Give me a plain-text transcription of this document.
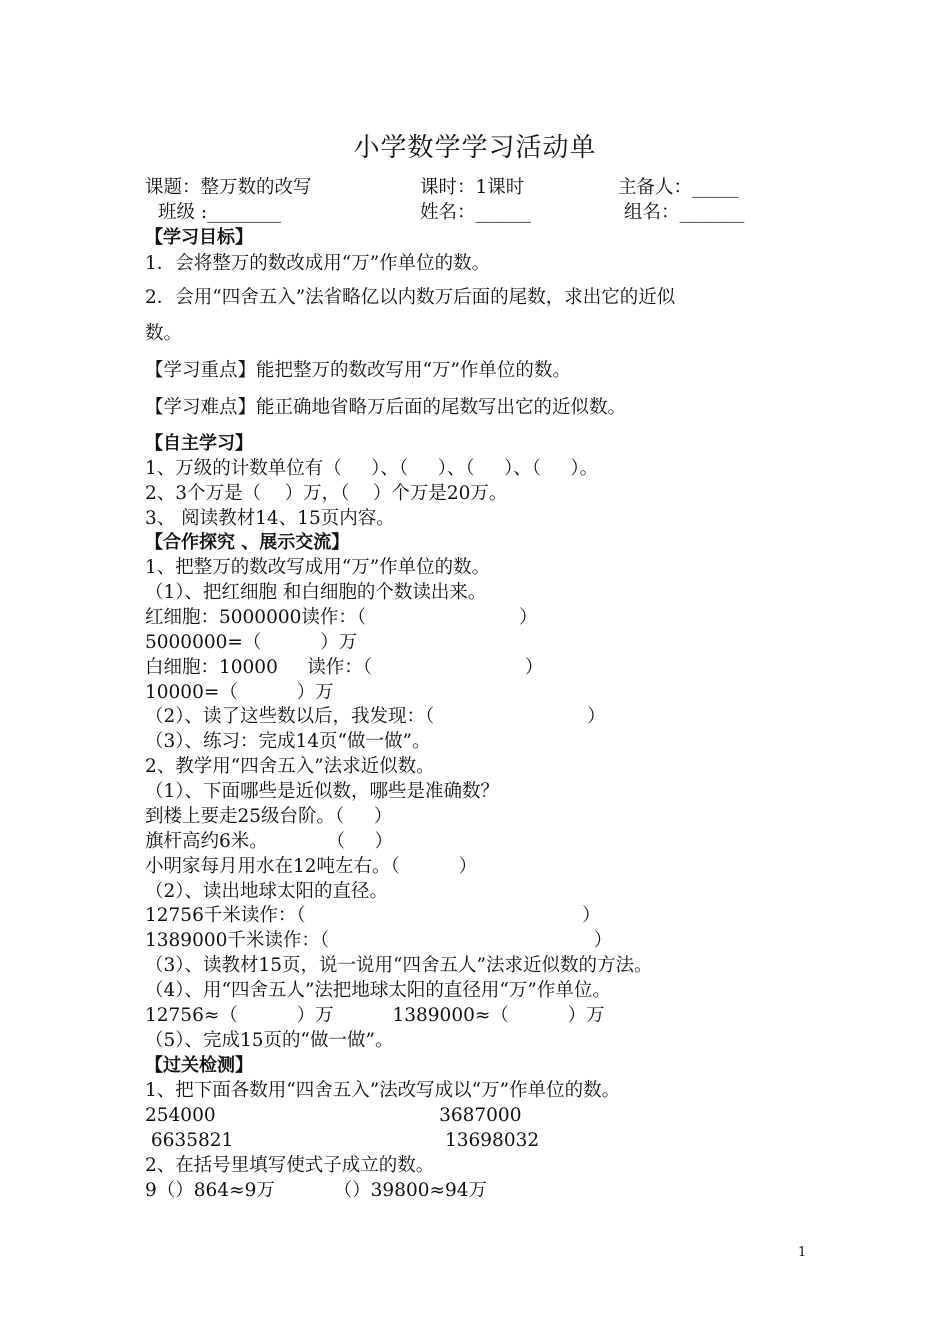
小学数学学习活动单
课题：整万数的改写	课时：1课时	主备人：_____
班级 :________	姓名：______	组名：_______
【学习目标】
1．会将整万的数改成用“万”作单位的数。
2．会用“四舍五入”法省略亿以内数万后面的尾数，求出它的近似
数。
【学习重点】能把整万的数改写用“万”作单位的数。
【学习难点】能正确地省略万后面的尾数写出它的近似数。
【自主学习】
1、万级的计数单位有（     ）、（     ）、（     ）、（     ）。
2、3个万是（    ）万，（    ）个万是20万。
3、 阅读教材14、15页内容。
【合作探究 、展示交流】
1、把整万的数改写成用“万”作单位的数。
（1）、把红细胞 和白细胞的个数读出来。
红细胞：5000000读作：（                          ）
5000000=（          ）万
白细胞：10000     读作：（                          ）
10000=（          ）万
（2）、读了这些数以后，我发现：（                          ）
（3）、练习：完成14页“做一做”。
2、教学用“四舍五入”法求近似数。
（1）、下面哪些是近似数，哪些是准确数？
到楼上要走25级台阶。（     ）
旗杆高约6米。          （     ）
小明家每月用水在12吨左右。（          ）
（2）、读出地球太阳的直径。
12756千米读作：（                                               ）
1389000千米读作：（                                             ）
（3）、读教材15页，说一说用“四舍五人”法求近似数的方法。
（4）、用“四舍五人”法把地球太阳的直径用“万”作单位。
12756≈（          ）万          1389000≈（          ）万
（5）、完成15页的“做一做”。
【过关检测】
1、把下面各数用“四舍五入”法改写成以“万”作单位的数。
254000                                      3687000
6635821                                    13698032
2、在括号里填写使式子成立的数。
9（）864≈9万          （）39800≈94万
1
